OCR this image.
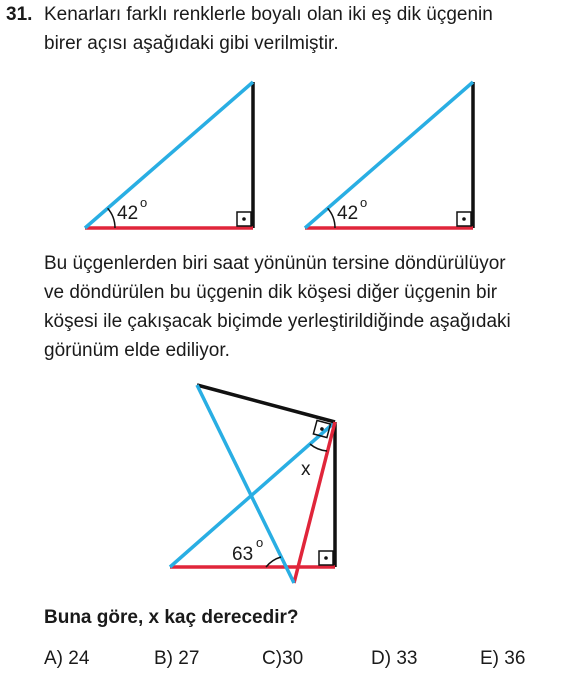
31. Kenarları farklı renklerle boyalı olan iki eş dik üçgenin
birer açısı aşağıdaki gibi verilmiştir.
42
o
42
o
x
63
o
Bu üçgenlerden biri saat yönünün tersine döndürülüyor
ve döndürülen bu üçgenin dik köşesi diğer üçgenin bir
köşesi ile çakışacak biçimde yerleştirildiğinde aşağıdaki
görünüm elde ediliyor.
Buna göre, x kaç derecedir?
A) 24	B) 27	C)30	D) 33	E) 36
